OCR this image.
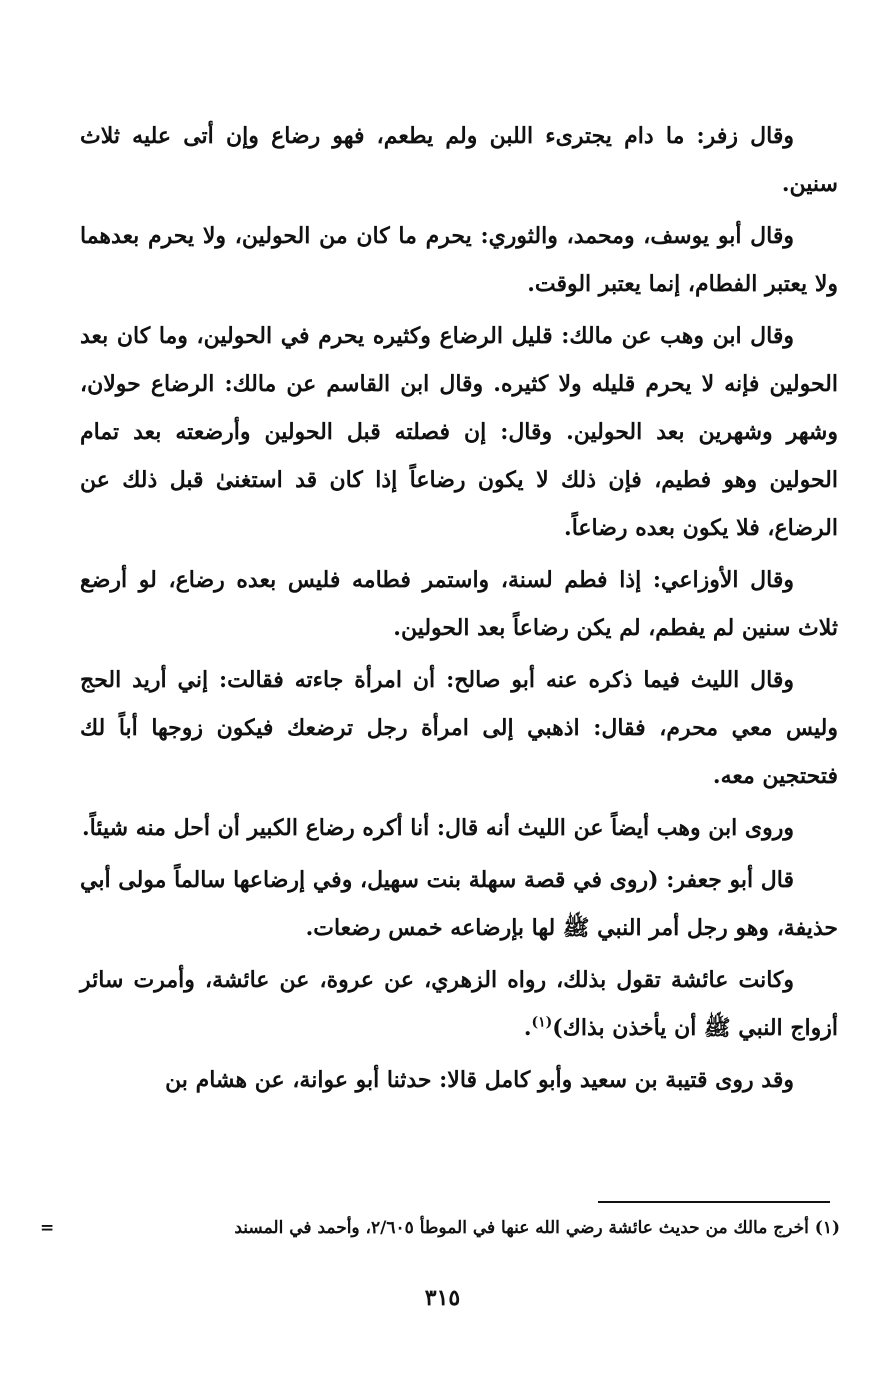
وقال زفر: ما دام يجترىء اللبن ولم يطعم، فهو رضاع وإن أتى عليه ثلاث سنين.

وقال أبو يوسف، ومحمد، والثوري: يحرم ما كان من الحولين، ولا يحرم بعدهما ولا يعتبر الفطام، إنما يعتبر الوقت.

وقال ابن وهب عن مالك: قليل الرضاع وكثيره يحرم في الحولين، وما كان بعد الحولين فإنه لا يحرم قليله ولا كثيره. وقال ابن القاسم عن مالك: الرضاع حولان، وشهر وشهرين بعد الحولين. وقال: إن فصلته قبل الحولين وأرضعته بعد تمام الحولين وهو فطيم، فإن ذلك لا يكون رضاعاً إذا كان قد استغنىٰ قبل ذلك عن الرضاع، فلا يكون بعده رضاعاً.

وقال الأوزاعي: إذا فطم لسنة، واستمر فطامه فليس بعده رضاع، لو أرضع ثلاث سنين لم يفطم، لم يكن رضاعاً بعد الحولين.

وقال الليث فيما ذكره عنه أبو صالح: أن امرأة جاءته فقالت: إني أريد الحج وليس معي محرم، فقال: اذهبي إلى امرأة رجل ترضعك فيكون زوجها أباً لك فتحتجين معه.

وروى ابن وهب أيضاً عن الليث أنه قال: أنا أكره رضاع الكبير أن أحل منه شيئاً.

قال أبو جعفر: (روى في قصة سهلة بنت سهيل، وفي إرضاعها سالماً مولى أبي حذيفة، وهو رجل أمر النبي ﷺ لها بإرضاعه خمس رضعات.

وكانت عائشة تقول بذلك، رواه الزهري، عن عروة، عن عائشة، وأمرت سائر أزواج النبي ﷺ أن يأخذن بذاك)$^{(١)}$.

وقد روى قتيبة بن سعيد وأبو كامل قالا: حدثنا أبو عوانة، عن هشام بن

(١) أخرج مالك من حديث عائشة رضي الله عنها في الموطأ ٢/٦٠٥، وأحمد في المسند
=
٣١٥
